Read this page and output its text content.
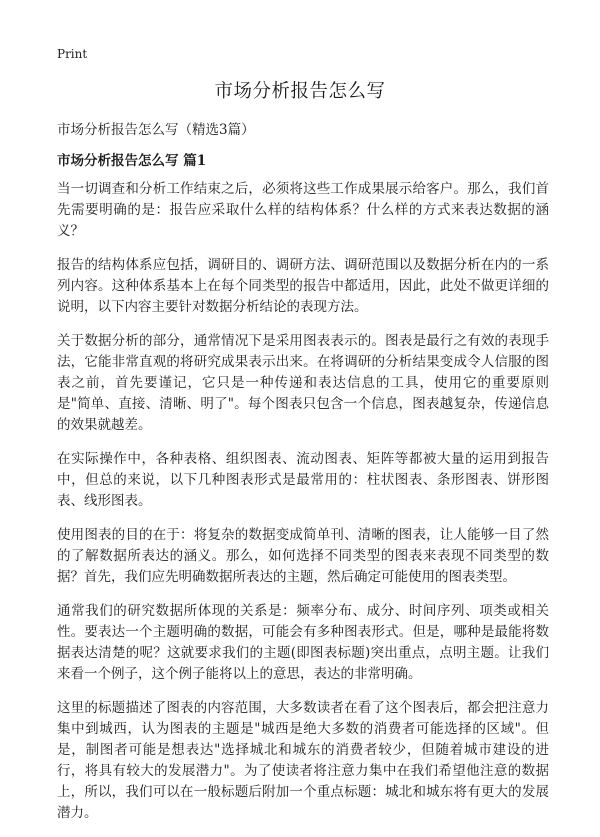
Print
市场分析报告怎么写
市场分析报告怎么写（精选3篇）
市场分析报告怎么写 篇1

当一切调查和分析工作结束之后，必须将这些工作成果展示给客户。那么，我们首先需要明确的是：报告应采取什么样的结构体系？什么样的方式来表达数据的涵义？

报告的结构体系应包括，调研目的、调研方法、调研范围以及数据分析在内的一系列内容。这种体系基本上在每个同类型的报告中都适用，因此，此处不做更详细的说明，以下内容主要针对数据分析结论的表现方法。

关于数据分析的部分，通常情况下是采用图表表示的。图表是最行之有效的表现手法，它能非常直观的将研究成果表示出来。在将调研的分析结果变成令人信服的图表之前，首先要谨记，它只是一种传递和表达信息的工具，使用它的重要原则是"简单、直接、清晰、明了"。每个图表只包含一个信息，图表越复杂，传递信息的效果就越差。

在实际操作中，各种表格、组织图表、流动图表、矩阵等都被大量的运用到报告中，但总的来说，以下几种图表形式是最常用的：柱状图表、条形图表、饼形图表、线形图表。

使用图表的目的在于：将复杂的数据变成简单刊、清晰的图表，让人能够一目了然的了解数据所表达的涵义。那么，如何选择不同类型的图表来表现不同类型的数据？首先，我们应先明确数据所表达的主题，然后确定可能使用的图表类型。

通常我们的研究数据所体现的关系是：频率分布、成分、时间序列、项类或相关性。要表达一个主题明确的数据，可能会有多种图表形式。但是，哪种是最能将数据表达清楚的呢？这就要求我们的主题(即图表标题)突出重点，点明主题。让我们来看一个例子，这个例子能将以上的意思，表达的非常明确。

这里的标题描述了图表的内容范围，大多数读者在看了这个图表后，都会把注意力集中到城西，认为图表的主题是"城西是绝大多数的消费者可能选择的区域"。但是，制图者可能是想表达"选择城北和城东的消费者较少，但随着城市建设的进行，将具有较大的发展潜力"。为了使读者将注意力集中在我们希望他注意的数据上，所以，我们可以在一般标题后附加一个重点标题：城北和城东将有更大的发展潜力。
